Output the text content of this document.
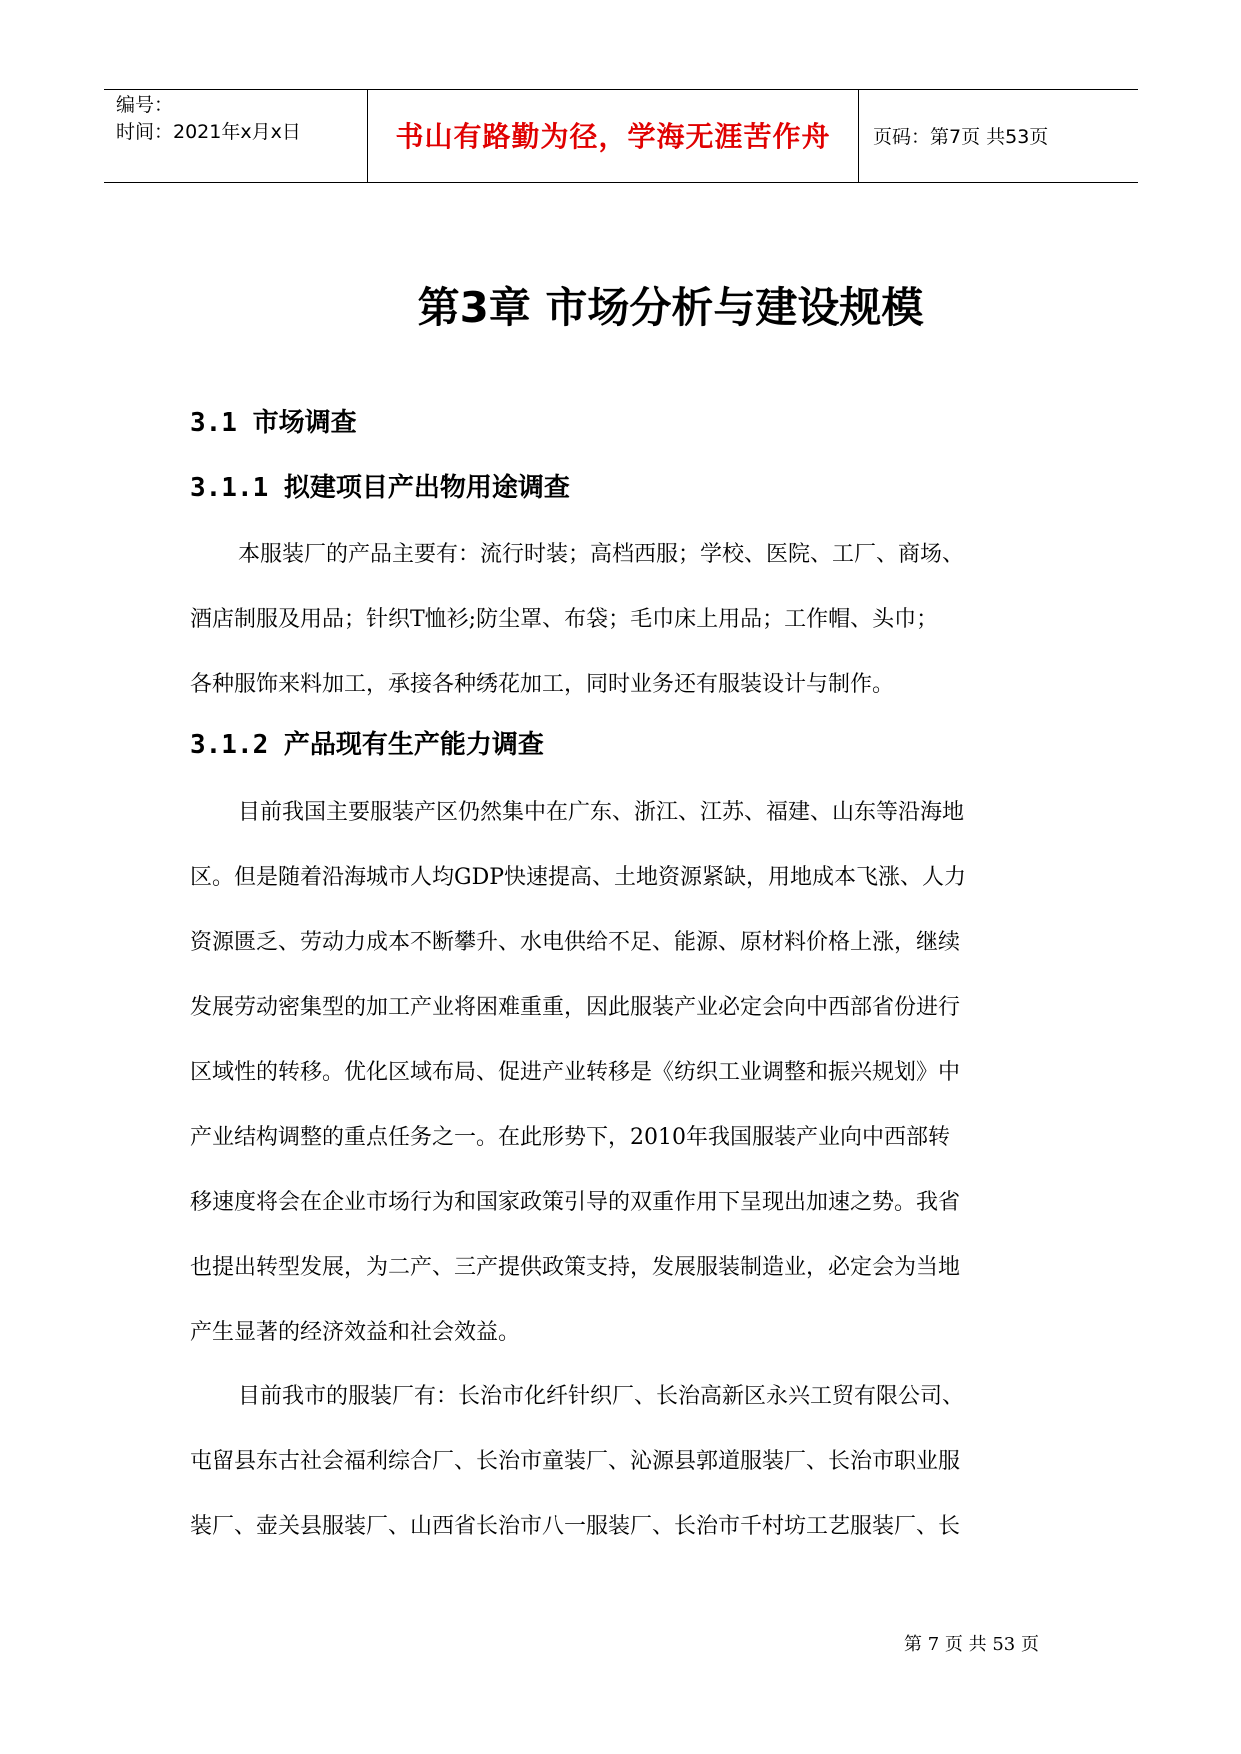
编号：
时间：2021年x月x日	书山有路勤为径，学海无涯苦作舟	页码：第7页 共53页
第3章 市场分析与建设规模
3.1 市场调查
3.1.1 拟建项目产出物用途调查
本服装厂的产品主要有：流行时装；高档西服；学校、医院、工厂、商场、
酒店制服及用品；针织T恤衫;防尘罩、布袋；毛巾床上用品；工作帽、头巾；
各种服饰来料加工，承接各种绣花加工，同时业务还有服装设计与制作。
3.1.2 产品现有生产能力调查
目前我国主要服装产区仍然集中在广东、浙江、江苏、福建、山东等沿海地
区。但是随着沿海城市人均GDP快速提高、土地资源紧缺，用地成本飞涨、人力
资源匮乏、劳动力成本不断攀升、水电供给不足、能源、原材料价格上涨，继续
发展劳动密集型的加工产业将困难重重，因此服装产业必定会向中西部省份进行
区域性的转移。优化区域布局、促进产业转移是《纺织工业调整和振兴规划》中
产业结构调整的重点任务之一。在此形势下，2010年我国服装产业向中西部转
移速度将会在企业市场行为和国家政策引导的双重作用下呈现出加速之势。我省
也提出转型发展，为二产、三产提供政策支持，发展服装制造业，必定会为当地
产生显著的经济效益和社会效益。
目前我市的服装厂有：长治市化纤针织厂、长治高新区永兴工贸有限公司、
屯留县东古社会福利综合厂、长治市童装厂、沁源县郭道服装厂、长治市职业服
装厂、壶关县服装厂、山西省长治市八一服装厂、长治市千村坊工艺服装厂、长
第 7 页 共 53 页
